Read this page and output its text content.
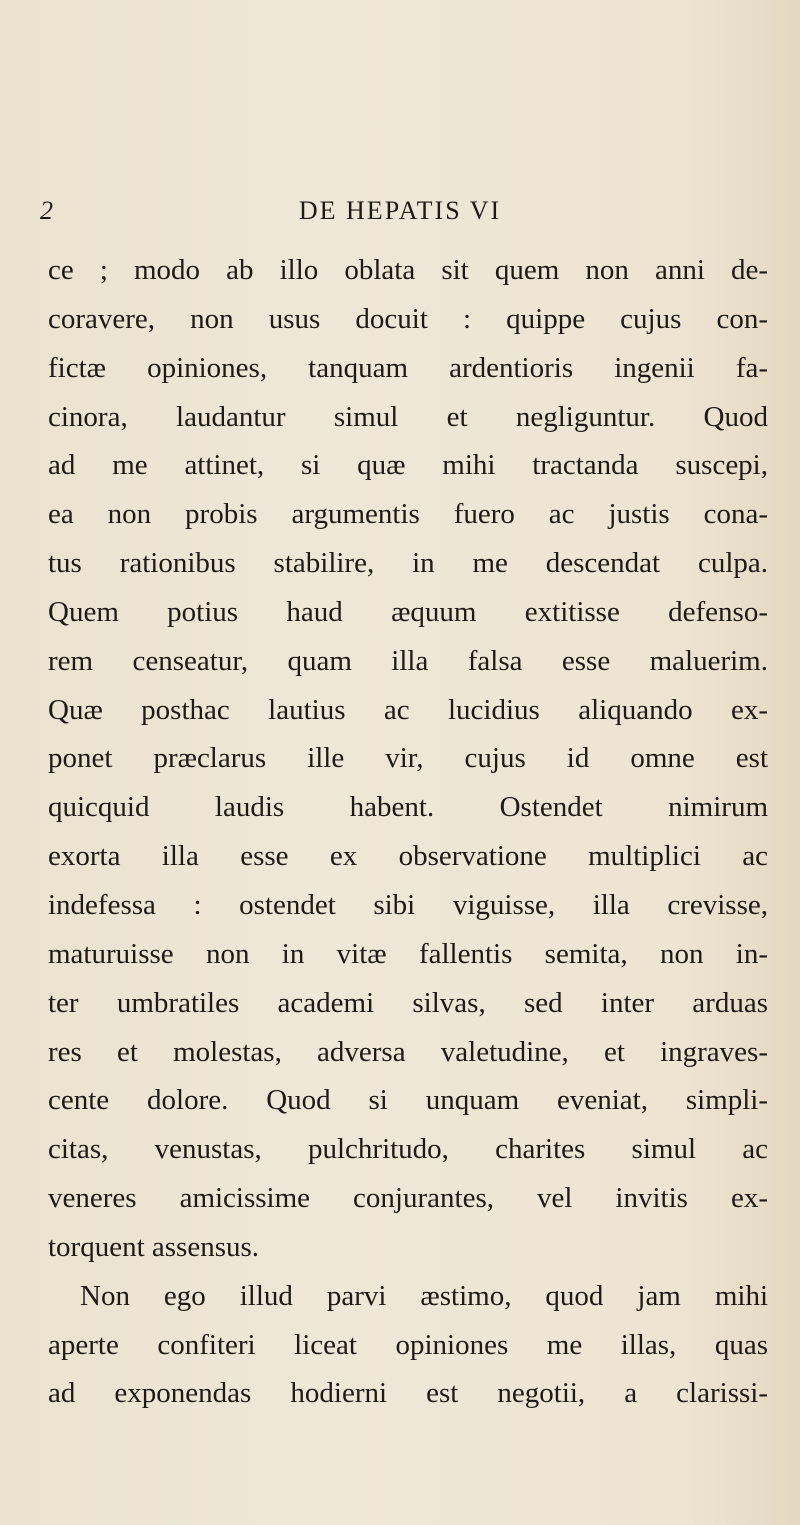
2	DE HEPATIS VI
ce ; modo ab illo oblata sit quem non anni de-
coravere, non usus docuit : quippe cujus con-
fictæ opiniones, tanquam ardentioris ingenii fa-
cinora, laudantur simul et negliguntur. Quod
ad me attinet, si quæ mihi tractanda suscepi,
ea non probis argumentis fuero ac justis cona-
tus rationibus stabilire, in me descendat culpa.
Quem potius haud æquum extitisse defenso-
rem censeatur, quam illa falsa esse maluerim.
Quæ posthac lautius ac lucidius aliquando ex-
ponet præclarus ille vir, cujus id omne est
quicquid laudis habent. Ostendet nimirum
exorta illa esse ex observatione multiplici ac
indefessa : ostendet sibi viguisse, illa crevisse,
maturuisse non in vitæ fallentis semita, non in-
ter umbratiles academi silvas, sed inter arduas
res et molestas, adversa valetudine, et ingraves-
cente dolore. Quod si unquam eveniat, simpli-
citas, venustas, pulchritudo, charites simul ac
veneres amicissime conjurantes, vel invitis ex-
torquent assensus.
Non ego illud parvi æstimo, quod jam mihi
aperte confiteri liceat opiniones me illas, quas
ad exponendas hodierni est negotii, a clarissi-
